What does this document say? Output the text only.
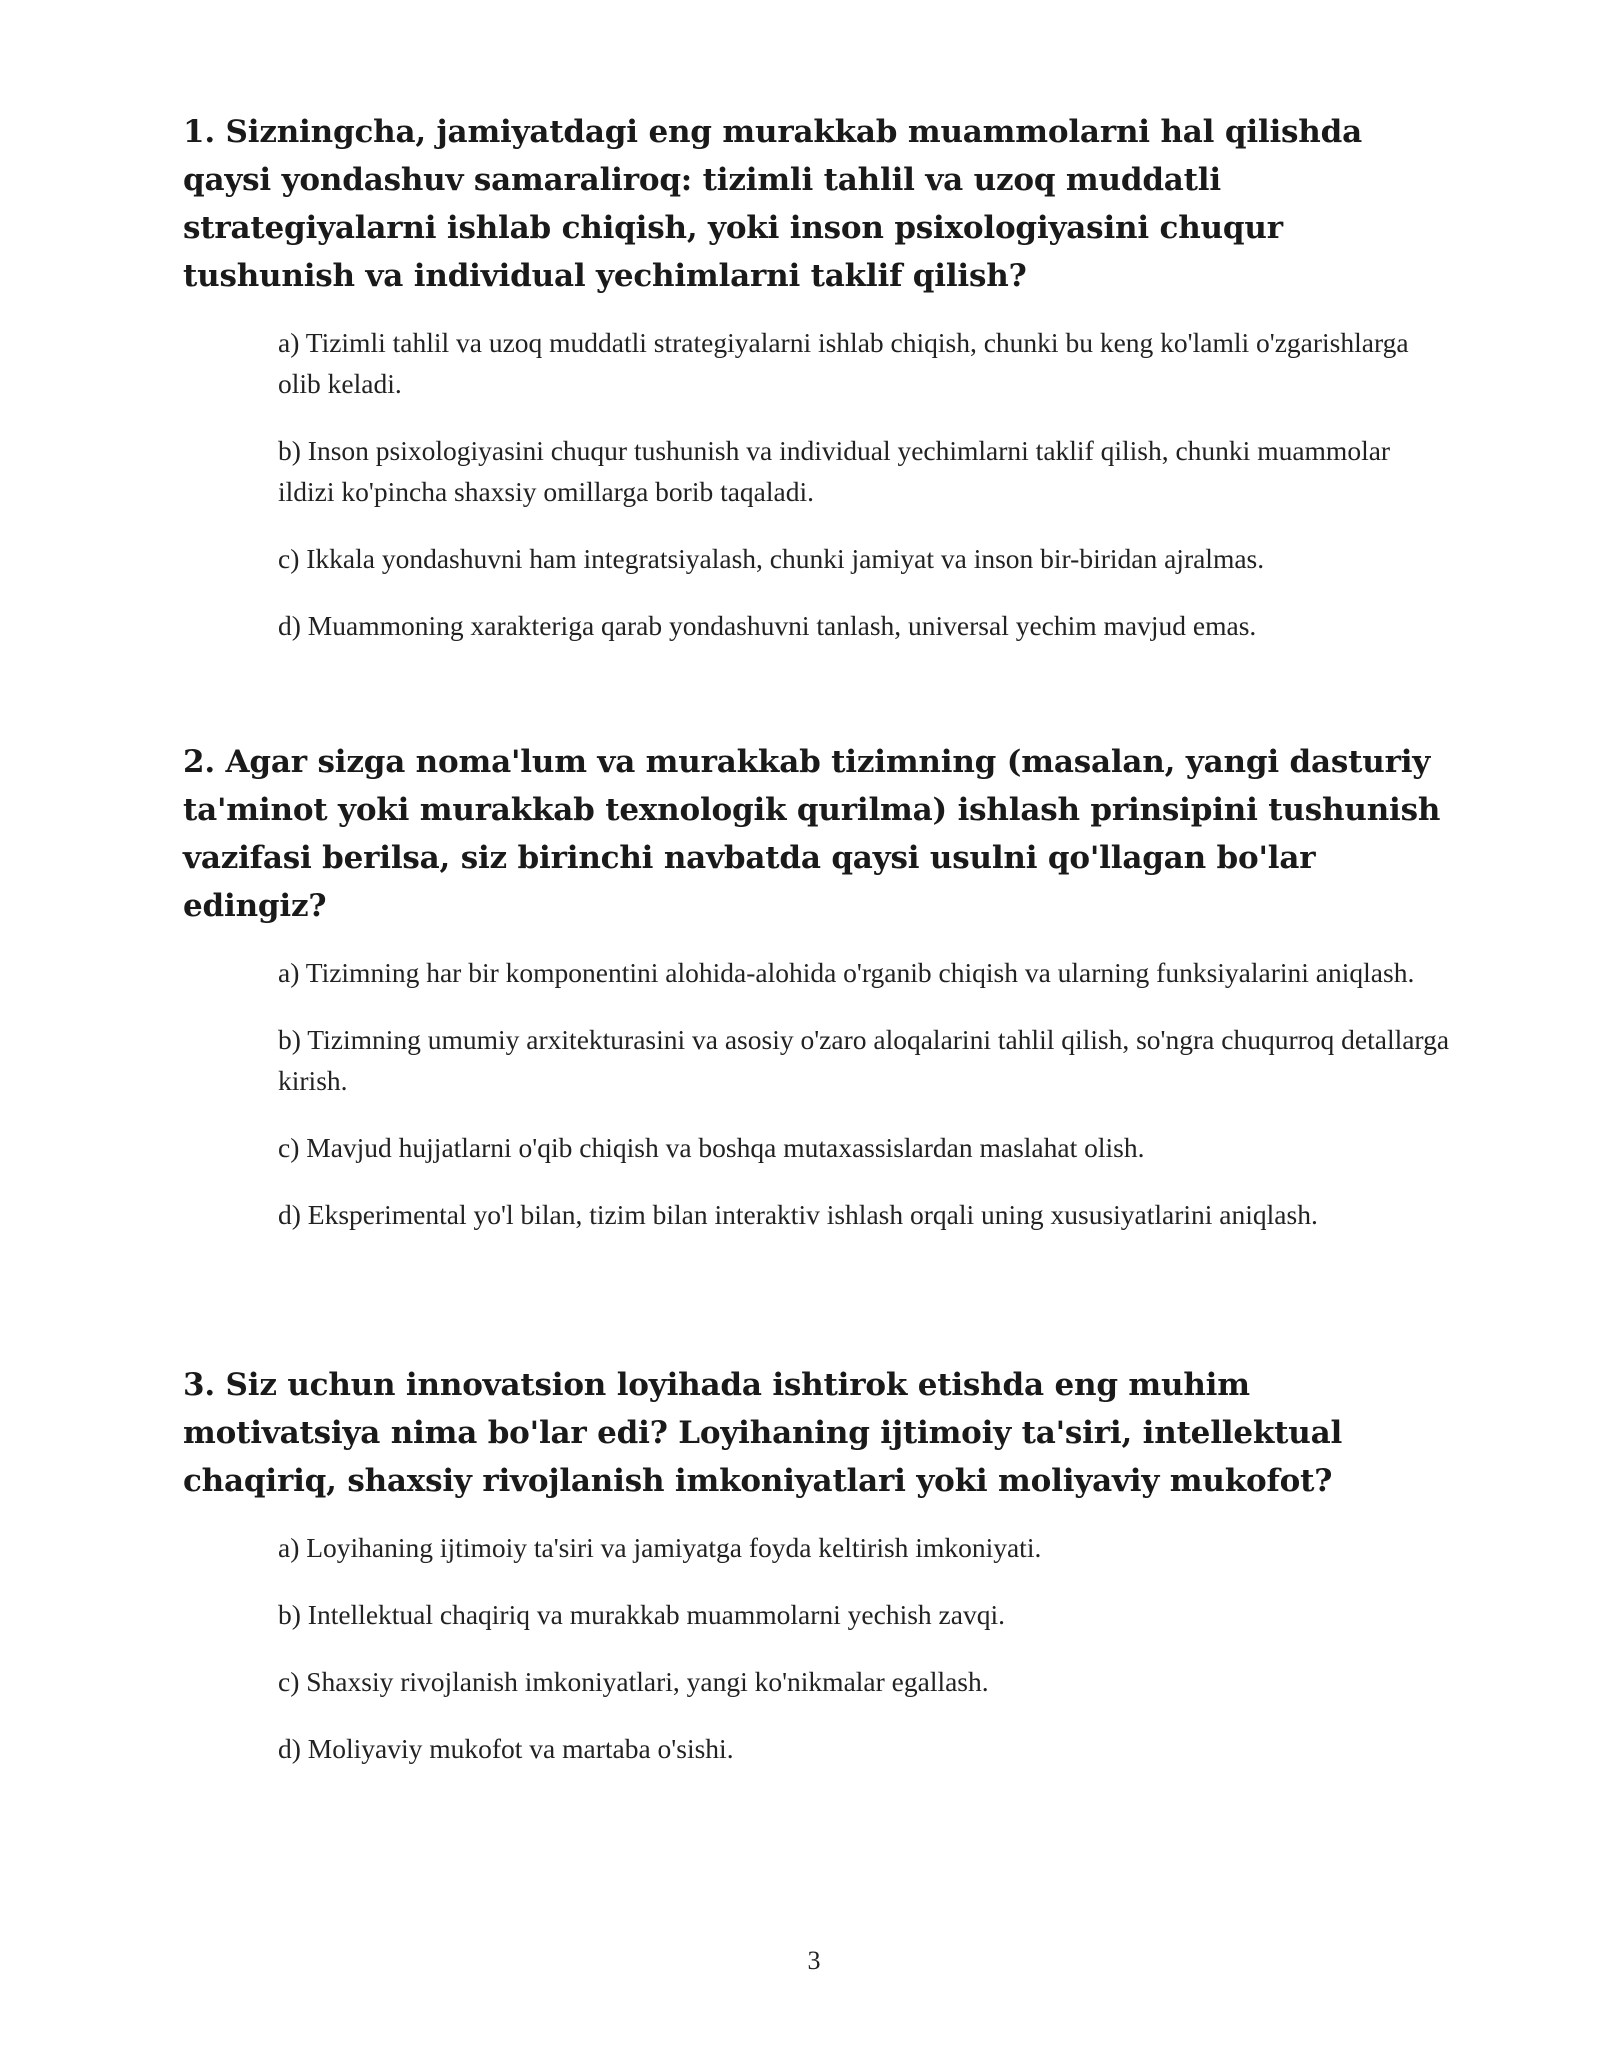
1. Sizningcha, jamiyatdagi eng murakkab muammolarni hal qilishda qaysi yondashuv samaraliroq: tizimli tahlil va uzoq muddatli strategiyalarni ishlab chiqish, yoki inson psixologiyasini chuqur tushunish va individual yechimlarni taklif qilish?

a) Tizimli tahlil va uzoq muddatli strategiyalarni ishlab chiqish, chunki bu keng ko'lamli o'zgarishlarga olib keladi.
b) Inson psixologiyasini chuqur tushunish va individual yechimlarni taklif qilish, chunki muammolar ildizi ko'pincha shaxsiy omillarga borib taqaladi.
c) Ikkala yondashuvni ham integratsiyalash, chunki jamiyat va inson bir-biridan ajralmas.
d) Muammoning xarakteriga qarab yondashuvni tanlash, universal yechim mavjud emas.

2. Agar sizga noma'lum va murakkab tizimning (masalan, yangi dasturiy ta'minot yoki murakkab texnologik qurilma) ishlash prinsipini tushunish vazifasi berilsa, siz birinchi navbatda qaysi usulni qo'llagan bo'lar edingiz?

a) Tizimning har bir komponentini alohida-alohida o'rganib chiqish va ularning funksiyalarini aniqlash.
b) Tizimning umumiy arxitekturasini va asosiy o'zaro aloqalarini tahlil qilish, so'ngra chuqurroq detallarga kirish.
c) Mavjud hujjatlarni o'qib chiqish va boshqa mutaxassislardan maslahat olish.
d) Eksperimental yo'l bilan, tizim bilan interaktiv ishlash orqali uning xususiyatlarini aniqlash.

3. Siz uchun innovatsion loyihada ishtirok etishda eng muhim motivatsiya nima bo'lar edi? Loyihaning ijtimoiy ta'siri, intellektual chaqiriq, shaxsiy rivojlanish imkoniyatlari yoki moliyaviy mukofot?

a) Loyihaning ijtimoiy ta'siri va jamiyatga foyda keltirish imkoniyati.
b) Intellektual chaqiriq va murakkab muammolarni yechish zavqi.
c) Shaxsiy rivojlanish imkoniyatlari, yangi ko'nikmalar egallash.
d) Moliyaviy mukofot va martaba o'sishi.
3
